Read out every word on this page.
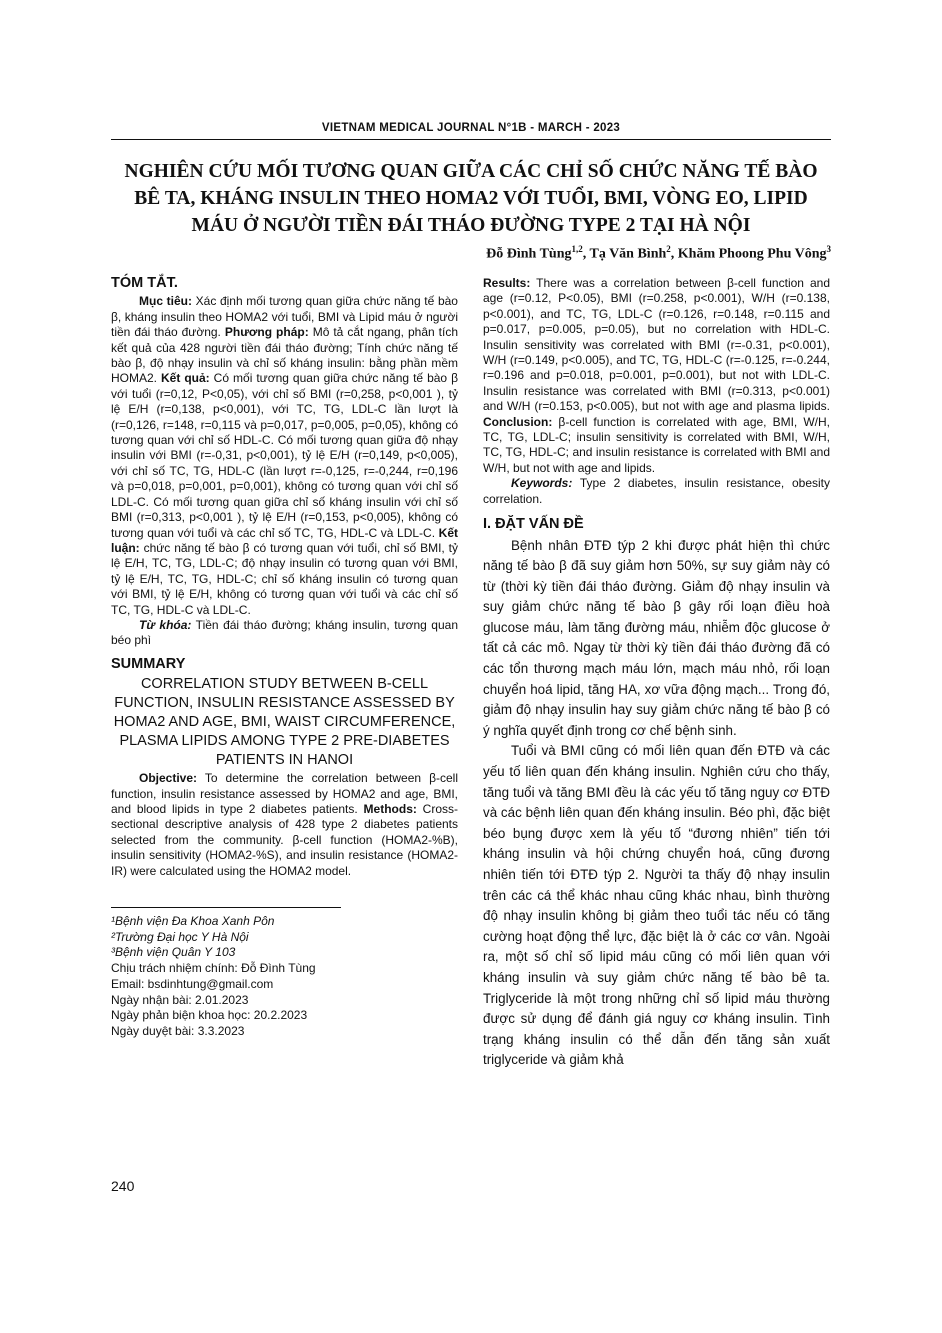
VIETNAM MEDICAL JOURNAL N°1B - MARCH - 2023
NGHIÊN CỨU MỐI TƯƠNG QUAN GIỮA CÁC CHỈ SỐ CHỨC NĂNG TẾ BÀO BÊ TA, KHÁNG INSULIN THEO HOMA2 VỚI TUỔI, BMI, VÒNG EO, LIPID MÁU Ở NGƯỜI TIỀN ĐÁI THÁO ĐƯỜNG TYPE 2 TẠI HÀ NỘI
Đỗ Đình Tùng$^{1,2}$, Tạ Văn Bình$^2$, Khăm Phoong Phu Vông$^3$
TÓM TẮT.

Mục tiêu: Xác định mối tương quan giữa chức năng tế bào β, kháng insulin theo HOMA2 với tuổi, BMI và Lipid máu ở người tiền đái tháo đường. Phương pháp: Mô tả cắt ngang, phân tích kết quả của 428 người tiền đái tháo đường; Tính chức năng tế bào β, độ nhạy insulin và chỉ số kháng insulin: bằng phần mềm HOMA2. Kết quả: Có mối tương quan giữa chức năng tế bào β với tuổi (r=0,12, P<0,05), với chỉ số BMI (r=0,258, p<0,001 ), tỷ lệ E/H (r=0,138, p<0,001), với TC, TG, LDL-C lần lượt là (r=0,126, r=148, r=0,115 và p=0,017, p=0,005, p=0,05), không có tương quan với chỉ số HDL-C. Có mối tương quan giữa độ nhạy insulin với BMI (r=-0,31, p<0,001), tỷ lệ E/H (r=0,149, p<0,005), với chỉ số TC, TG, HDL-C (lần lượt r=-0,125, r=-0,244, r=0,196 và p=0,018, p=0,001, p=0,001), không có tương quan với chỉ số LDL-C. Có mối tương quan giữa chỉ số kháng insulin với chỉ số BMI (r=0,313, p<0,001 ), tỷ lệ E/H (r=0,153, p<0,005), không có tương quan với tuổi và các chỉ số TC, TG, HDL-C và LDL-C. Kết luận: chức năng tế bào β có tương quan với tuổi, chỉ số BMI, tỷ lệ E/H, TC, TG, LDL-C; độ nhạy insulin có tương quan với BMI, tỷ lệ E/H, TC, TG, HDL-C; chỉ số kháng insulin có tương quan với BMI, tỷ lệ E/H, không có tương quan với tuổi và các chỉ số TC, TG, HDL-C và LDL-C.

Từ khóa: Tiền đái tháo đường; kháng insulin, tương quan béo phì

SUMMARY
CORRELATION STUDY BETWEEN Β-CELL FUNCTION, INSULIN RESISTANCE ASSESSED BY HOMA2 AND AGE, BMI, WAIST CIRCUMFERENCE, PLASMA LIPIDS AMONG TYPE 2 PRE-DIABETES PATIENTS IN HANOI

Objective: To determine the correlation between β-cell function, insulin resistance assessed by HOMA2 and age, BMI, and blood lipids in type 2 diabetes patients. Methods: Cross-sectional descriptive analysis of 428 type 2 diabetes patients selected from the community. β-cell function (HOMA2-%B), insulin sensitivity (HOMA2-%S), and insulin resistance (HOMA2-IR) were calculated using the HOMA2 model.

¹Bệnh viện Đa Khoa Xanh Pôn
²Trường Đại học Y Hà Nội
³Bệnh viện Quân Y 103
Chịu trách nhiệm chính: Đỗ Đình Tùng
Email: bsdinhtung@gmail.com
Ngày nhận bài: 2.01.2023
Ngày phản biện khoa học: 20.2.2023
Ngày duyệt bài: 3.3.2023

Results: There was a correlation between β-cell function and age (r=0.12, P<0.05), BMI (r=0.258, p<0.001), W/H (r=0.138, p<0.001), and TC, TG, LDL-C (r=0.126, r=0.148, r=0.115 and p=0.017, p=0.005, p=0.05), but no correlation with HDL-C. Insulin sensitivity was correlated with BMI (r=-0.31, p<0.001), W/H (r=0.149, p<0.005), and TC, TG, HDL-C (r=-0.125, r=-0.244, r=0.196 and p=0.018, p=0.001, p=0.001), but not with LDL-C. Insulin resistance was correlated with BMI (r=0.313, p<0.001) and W/H (r=0.153, p<0.005), but not with age and plasma lipids. Conclusion: β-cell function is correlated with age, BMI, W/H, TC, TG, LDL-C; insulin sensitivity is correlated with BMI, W/H, TC, TG, HDL-C; and insulin resistance is correlated with BMI and W/H, but not with age and lipids.

Keywords: Type 2 diabetes, insulin resistance, obesity correlation.

I. ĐẶT VẤN ĐỀ

Bệnh nhân ĐTĐ týp 2 khi được phát hiện thì chức năng tế bào β đã suy giảm hơn 50%, sự suy giảm này có từ (thời kỳ tiền đái tháo đường. Giảm độ nhạy insulin và suy giảm chức năng tế bào β gây rối loạn điều hoà glucose máu, làm tăng đường máu, nhiễm độc glucose ở tất cả các mô. Ngay từ thời kỳ tiền đái tháo đường đã có các tổn thương mạch máu lớn, mạch máu nhỏ, rối loạn chuyển hoá lipid, tăng HA, xơ vữa động mạch... Trong đó, giảm độ nhạy insulin hay suy giảm chức năng tế bào β có ý nghĩa quyết định trong cơ chế bệnh sinh.

Tuổi và BMI cũng có mối liên quan đến ĐTĐ và các yếu tố liên quan đến kháng insulin. Nghiên cứu cho thấy, tăng tuổi và tăng BMI đều là các yếu tố tăng nguy cơ ĐTĐ và các bệnh liên quan đến kháng insulin. Béo phì, đặc biệt béo bụng được xem là yếu tố “đương nhiên” tiến tới kháng insulin và hội chứng chuyển hoá, cũng đương nhiên tiến tới ĐTĐ týp 2. Người ta thấy độ nhạy insulin trên các cá thể khác nhau cũng khác nhau, bình thường độ nhạy insulin không bị giảm theo tuổi tác nếu có tăng cường hoạt động thể lực, đặc biệt là ở các cơ vân. Ngoài ra, một số chỉ số lipid máu cũng có mối liên quan với kháng insulin và suy giảm chức năng tế bào bê ta. Triglyceride là một trong những chỉ số lipid máu thường được sử dụng để đánh giá nguy cơ kháng insulin. Tình trạng kháng insulin có thể dẫn đến tăng sản xuất triglyceride và giảm khả

240
